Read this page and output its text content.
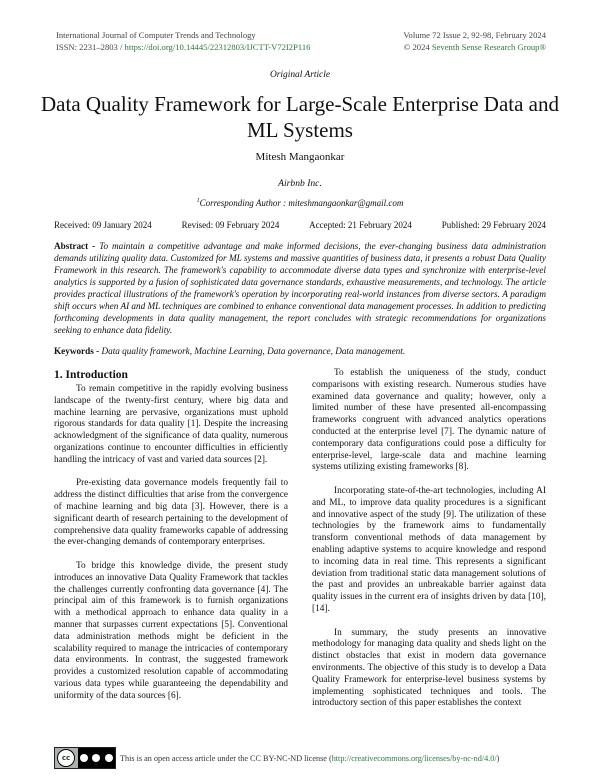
International Journal of Computer Trends and Technology
ISSN: 2231–2803 / https://doi.org/10.14445/22312803/IJCTT-V72I2P116
Volume 72 Issue 2, 92-98, February 2024
© 2024 Seventh Sense Research Group®
Original Article
Data Quality Framework for Large-Scale Enterprise Data and ML Systems
Mitesh Mangaonkar
Airbnb Inc.
$^1$Corresponding Author : miteshmangaonkar@gmail.com
Received: 09 January 2024	Revised: 09 February 2024	Accepted: 21 February 2024	Published: 29 February 2024

Abstract - To maintain a competitive advantage and make informed decisions, the ever-changing business data administration demands utilizing quality data. Customized for ML systems and massive quantities of business data, it presents a robust Data Quality Framework in this research. The framework's capability to accommodate diverse data types and synchronize with enterprise-level analytics is supported by a fusion of sophisticated data governance standards, exhaustive measurements, and technology. The article provides practical illustrations of the framework's operation by incorporating real-world instances from diverse sectors. A paradigm shift occurs when AI and ML techniques are combined to enhance conventional data management processes. In addition to predicting forthcoming developments in data quality management, the report concludes with strategic recommendations for organizations seeking to enhance data fidelity.

Keywords - Data quality framework, Machine Learning, Data governance, Data management.

1. Introduction

To remain competitive in the rapidly evolving business landscape of the twenty-first century, where big data and machine learning are pervasive, organizations must uphold rigorous standards for data quality [1]. Despite the increasing acknowledgment of the significance of data quality, numerous organizations continue to encounter difficulties in efficiently handling the intricacy of vast and varied data sources [2].

Pre-existing data governance models frequently fail to address the distinct difficulties that arise from the convergence of machine learning and big data [3]. However, there is a significant dearth of research pertaining to the development of comprehensive data quality frameworks capable of addressing the ever-changing demands of contemporary enterprises.

To bridge this knowledge divide, the present study introduces an innovative Data Quality Framework that tackles the challenges currently confronting data governance [4]. The principal aim of this framework is to furnish organizations with a methodical approach to enhance data quality in a manner that surpasses current expectations [5]. Conventional data administration methods might be deficient in the scalability required to manage the intricacies of contemporary data environments. In contrast, the suggested framework provides a customized resolution capable of accommodating various data types while guaranteeing the dependability and uniformity of the data sources [6].

To establish the uniqueness of the study, conduct comparisons with existing research. Numerous studies have examined data governance and quality; however, only a limited number of these have presented all-encompassing frameworks congruent with advanced analytics operations conducted at the enterprise level [7]. The dynamic nature of contemporary data configurations could pose a difficulty for enterprise-level, large-scale data and machine learning systems utilizing existing frameworks [8].

Incorporating state-of-the-art technologies, including AI and ML, to improve data quality procedures is a significant and innovative aspect of the study [9]. The utilization of these technologies by the framework aims to fundamentally transform conventional methods of data management by enabling adaptive systems to acquire knowledge and respond to incoming data in real time. This represents a significant deviation from traditional static data management solutions of the past and provides an unbreakable barrier against data quality issues in the current era of insights driven by data [10], [14].

In summary, the study presents an innovative methodology for managing data quality and sheds light on the distinct obstacles that exist in modern data governance environments. The objective of this study is to develop a Data Quality Framework for enterprise-level business systems by implementing sophisticated techniques and tools. The introductory section of this paper establishes the context

cc	This is an open access article under the CC BY-NC-ND license ( http://creativecommons.org/licenses/by-nc-nd/4.0/ )
